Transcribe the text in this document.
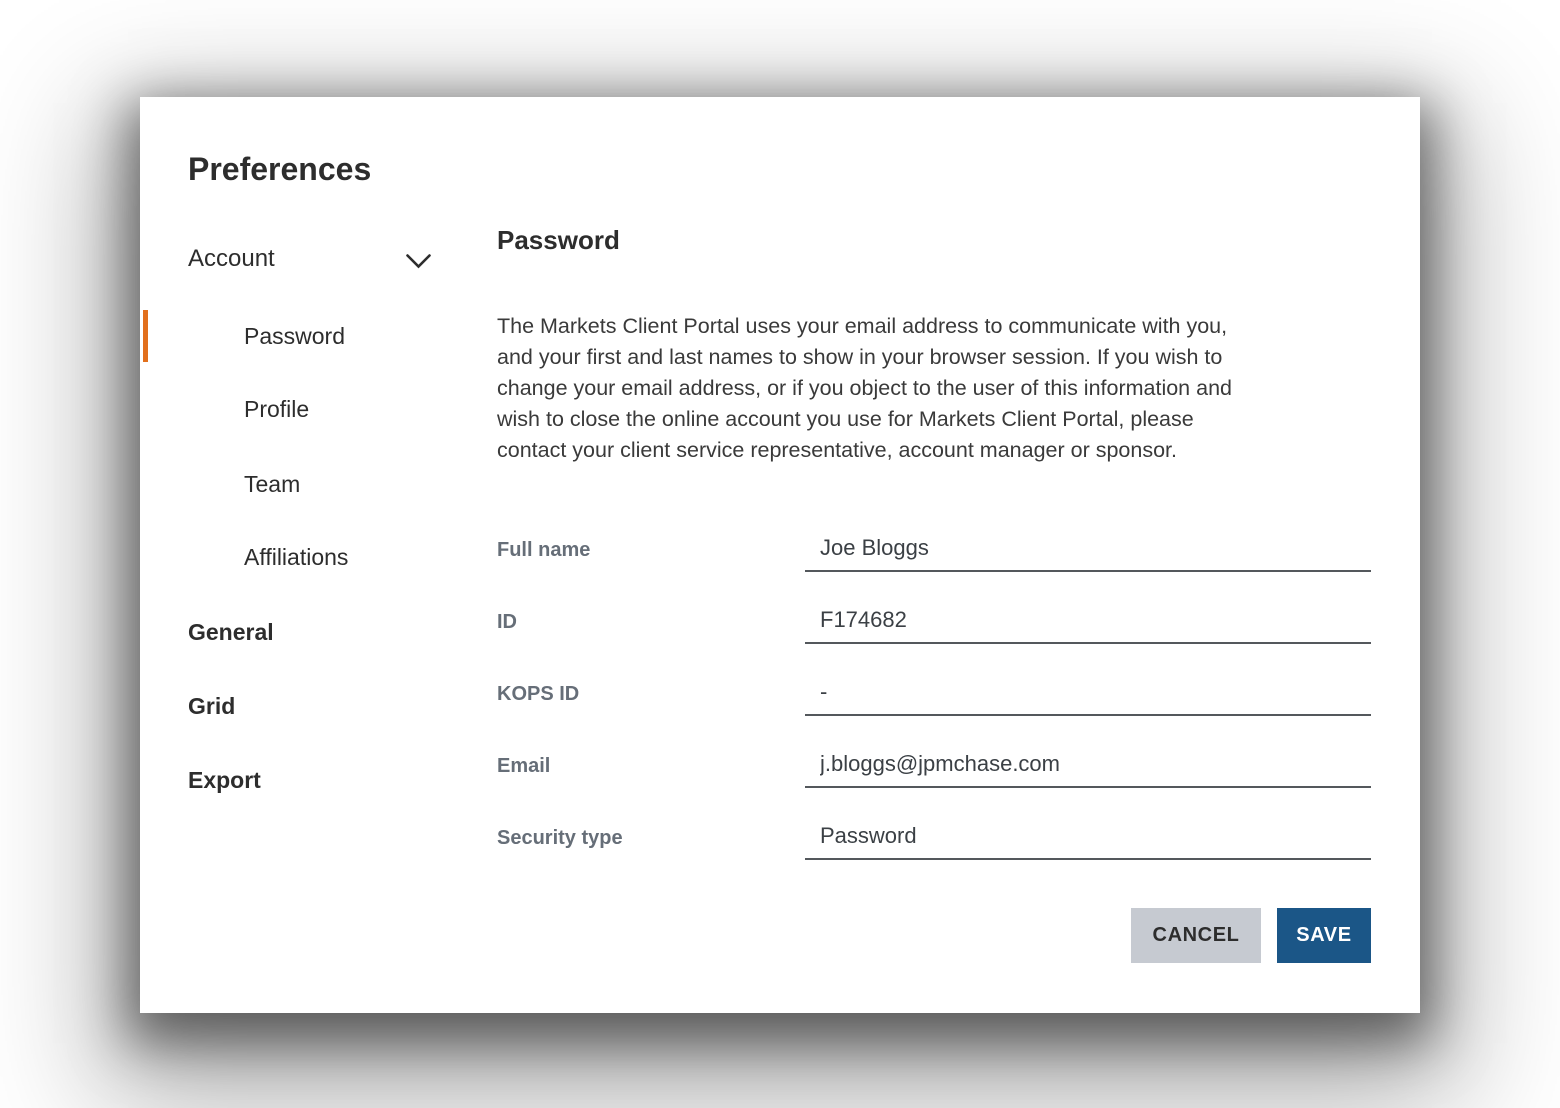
Preferences
Account
Password
Profile
Team
Affiliations
General
Grid
Export
Password
The Markets Client Portal uses your email address to communicate with you,
and your first and last names to show in your browser session. If you wish to
change your email address, or if you object to the user of this information and
wish to close the online account you use for Markets Client Portal, please
contact your client service representative, account manager or sponsor.
Full name
Joe Bloggs
ID
F174682
KOPS ID
-
Email
j.bloggs@jpmchase.com
Security type
Password
CANCEL	SAVE
